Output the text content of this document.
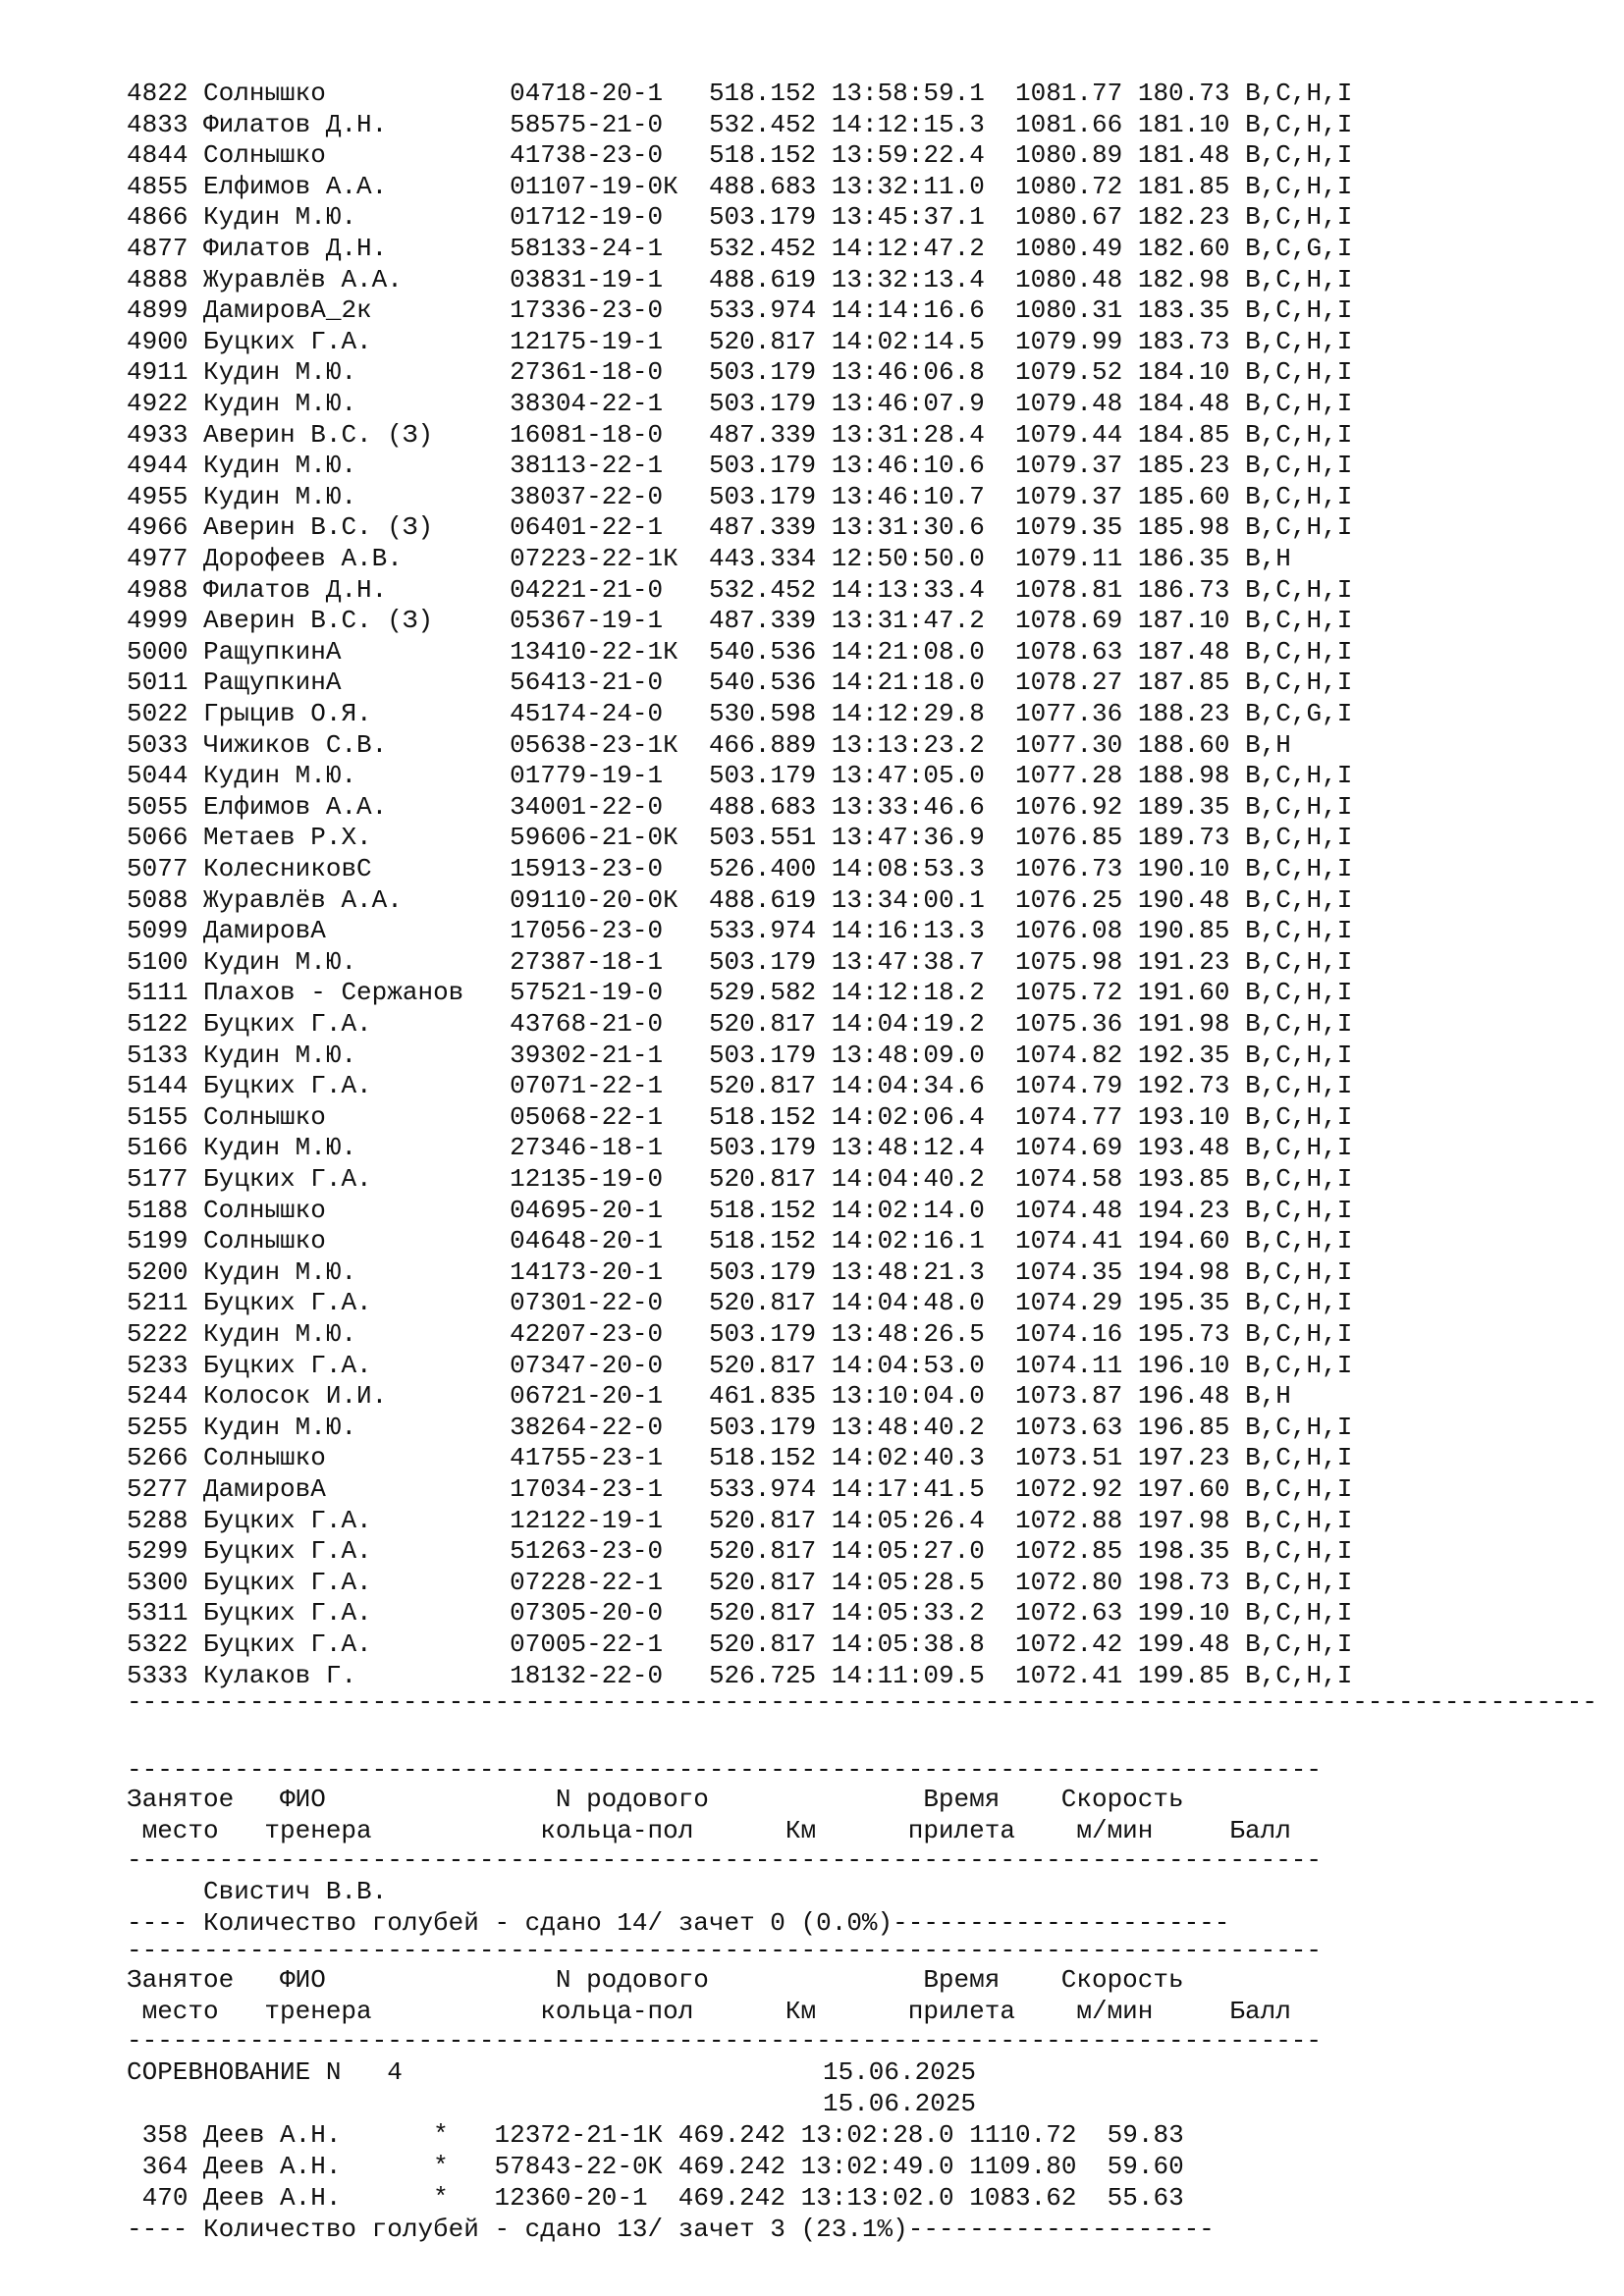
4822 Солнышко	04718-20-1 518.152 13:58:59.1 1081.77 180.73 B,C,H,I
4833 Филатов Д.Н.	58575-21-0 532.452 14:12:15.3 1081.66 181.10 B,C,H,I
4844 Солнышко	41738-23-0 518.152 13:59:22.4 1080.89 181.48 B,C,H,I
4855 Елфимов А.А.	01107-19-0К 488.683 13:32:11.0 1080.72 181.85 B,C,H,I
4866 Кудин М.Ю.	01712-19-0 503.179 13:45:37.1 1080.67 182.23 B,C,H,I
4877 Филатов Д.Н.	58133-24-1 532.452 14:12:47.2 1080.49 182.60 B,C,G,I
4888 Журавлёв А.А.	03831-19-1 488.619 13:32:13.4 1080.48 182.98 B,C,H,I
4899 ДамировА_2к	17336-23-0 533.974 14:14:16.6 1080.31 183.35 B,C,H,I
4900 Буцких Г.А.	12175-19-1 520.817 14:02:14.5 1079.99 183.73 B,C,H,I
4911 Кудин М.Ю.	27361-18-0 503.179 13:46:06.8 1079.52 184.10 B,C,H,I
4922 Кудин М.Ю.	38304-22-1 503.179 13:46:07.9 1079.48 184.48 B,C,H,I
4933 Аверин В.С. (З)	16081-18-0 487.339 13:31:28.4 1079.44 184.85 B,C,H,I
4944 Кудин М.Ю.	38113-22-1 503.179 13:46:10.6 1079.37 185.23 B,C,H,I
4955 Кудин М.Ю.	38037-22-0 503.179 13:46:10.7 1079.37 185.60 B,C,H,I
4966 Аверин В.С. (З)	06401-22-1 487.339 13:31:30.6 1079.35 185.98 B,C,H,I
4977 Дорофеев А.В.	07223-22-1К 443.334 12:50:50.0 1079.11 186.35 B,H
4988 Филатов Д.Н.	04221-21-0 532.452 14:13:33.4 1078.81 186.73 B,C,H,I
4999 Аверин В.С. (З)	05367-19-1 487.339 13:31:47.2 1078.69 187.10 B,C,H,I
5000 РащупкинА	13410-22-1К 540.536 14:21:08.0 1078.63 187.48 B,C,H,I
5011 РащупкинА	56413-21-0 540.536 14:21:18.0 1078.27 187.85 B,C,H,I
5022 Грыцив О.Я.	45174-24-0 530.598 14:12:29.8 1077.36 188.23 B,C,G,I
5033 Чижиков С.В.	05638-23-1К 466.889 13:13:23.2 1077.30 188.60 B,H
5044 Кудин М.Ю.	01779-19-1 503.179 13:47:05.0 1077.28 188.98 B,C,H,I
5055 Елфимов А.А.	34001-22-0 488.683 13:33:46.6 1076.92 189.35 B,C,H,I
5066 Метаев Р.Х.	59606-21-0К 503.551 13:47:36.9 1076.85 189.73 B,C,H,I
5077 КолесниковС	15913-23-0 526.400 14:08:53.3 1076.73 190.10 B,C,H,I
5088 Журавлёв А.А.	09110-20-0К 488.619 13:34:00.1 1076.25 190.48 B,C,H,I
5099 ДамировА	17056-23-0 533.974 14:16:13.3 1076.08 190.85 B,C,H,I
5100 Кудин М.Ю.	27387-18-1 503.179 13:47:38.7 1075.98 191.23 B,C,H,I
5111 Плахов - Сержанов 57521-19-0 529.582 14:12:18.2 1075.72 191.60 B,C,H,I
5122 Буцких Г.А.	43768-21-0 520.817 14:04:19.2 1075.36 191.98 B,C,H,I
5133 Кудин М.Ю.	39302-21-1 503.179 13:48:09.0 1074.82 192.35 B,C,H,I
5144 Буцких Г.А.	07071-22-1 520.817 14:04:34.6 1074.79 192.73 B,C,H,I
5155 Солнышко	05068-22-1 518.152 14:02:06.4 1074.77 193.10 B,C,H,I
5166 Кудин М.Ю.	27346-18-1 503.179 13:48:12.4 1074.69 193.48 B,C,H,I
5177 Буцких Г.А.	12135-19-0 520.817 14:04:40.2 1074.58 193.85 B,C,H,I
5188 Солнышко	04695-20-1 518.152 14:02:14.0 1074.48 194.23 B,C,H,I
5199 Солнышко	04648-20-1 518.152 14:02:16.1 1074.41 194.60 B,C,H,I
5200 Кудин М.Ю.	14173-20-1 503.179 13:48:21.3 1074.35 194.98 B,C,H,I
5211 Буцких Г.А.	07301-22-0 520.817 14:04:48.0 1074.29 195.35 B,C,H,I
5222 Кудин М.Ю.	42207-23-0 503.179 13:48:26.5 1074.16 195.73 B,C,H,I
5233 Буцких Г.А.	07347-20-0 520.817 14:04:53.0 1074.11 196.10 B,C,H,I
5244 Колосок И.И.	06721-20-1 461.835 13:10:04.0 1073.87 196.48 B,H
5255 Кудин М.Ю.	38264-22-0 503.179 13:48:40.2 1073.63 196.85 B,C,H,I
5266 Солнышко	41755-23-1 518.152 14:02:40.3 1073.51 197.23 B,C,H,I
5277 ДамировА	17034-23-1 533.974 14:17:41.5 1072.92 197.60 B,C,H,I
5288 Буцких Г.А.	12122-19-1 520.817 14:05:26.4 1072.88 197.98 B,C,H,I
5299 Буцких Г.А.	51263-23-0 520.817 14:05:27.0 1072.85 198.35 B,C,H,I
5300 Буцких Г.А.	07228-22-1 520.817 14:05:28.5 1072.80 198.73 B,C,H,I
5311 Буцких Г.А.	07305-20-0 520.817 14:05:33.2 1072.63 199.10 B,C,H,I
5322 Буцких Г.А.	07005-22-1 520.817 14:05:38.8 1072.42 199.48 B,C,H,I
5333 Кулаков Г.	18132-22-0 526.725 14:11:09.5 1072.41 199.85 B,C,H,I
------------------------------------------------------------------------------------------------
------------------------------------------------------------------------------
Занятое   ФИО               N родового              Время    Скорость
место   тренера           кольца-пол      Км      прилета    м/мин     Балл
------------------------------------------------------------------------------
Свистич В.В.
---- Количество голубей - сдано 14/ зачет 0 (0.0%)----------------------
------------------------------------------------------------------------------
Занятое   ФИО               N родового              Время    Скорость
место   тренера           кольца-пол      Км      прилета    м/мин     Балл
------------------------------------------------------------------------------
СОРЕВНОВАНИЕ N   4	15.06.2025
15.06.2025
358 Деев А.Н.	* 12372-21-1К 469.242 13:02:28.0 1110.72 59.83
364 Деев А.Н.	* 57843-22-0К 469.242 13:02:49.0 1109.80 59.60
470 Деев А.Н.	* 12360-20-1 469.242 13:13:02.0 1083.62 55.63
---- Количество голубей - сдано 13/ зачет 3 (23.1%)--------------------
